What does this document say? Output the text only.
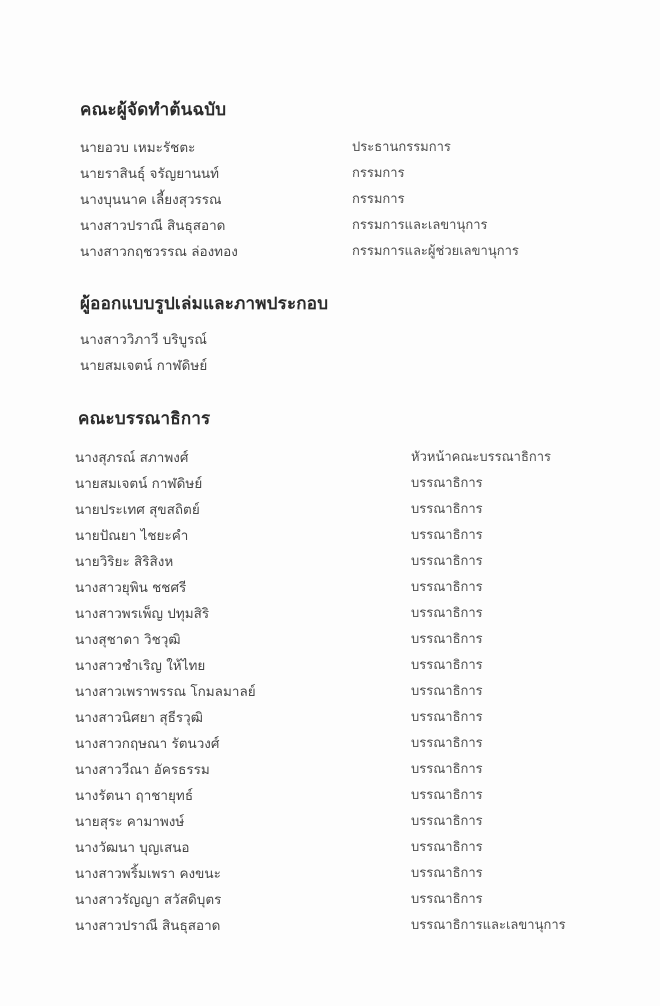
คณะผู้จัดทำต้นฉบับ
นายอวบ เหมะรัชตะ	ประธานกรรมการ
นายราสินธุ์ จรัญยานนท์	กรรมการ
นางบุนนาค เลี้ยงสุวรรณ	กรรมการ
นางสาวปราณี สินธุสอาด	กรรมการและเลขานุการ
นางสาวกฤชวรรณ ล่องทอง	กรรมการและผู้ช่วยเลขานุการ
ผู้ออกแบบรูปเล่มและภาพประกอบ
นางสาววิภาวี บริบูรณ์
นายสมเจตน์ กาฬดิษย์
คณะบรรณาธิการ
นางสุภรณ์ สภาพงศ์	หัวหน้าคณะบรรณาธิการ
นายสมเจตน์ กาฬดิษย์	บรรณาธิการ
นายประเทศ สุขสถิตย์	บรรณาธิการ
นายปัณยา ไชยะคำ	บรรณาธิการ
นายวิริยะ สิริสิงห	บรรณาธิการ
นางสาวยุพิน ชชศรี	บรรณาธิการ
นางสาวพรเพ็ญ ปทุมสิริ	บรรณาธิการ
นางสุชาดา วิชวุฒิ	บรรณาธิการ
นางสาวชำเริญ ให้ไทย	บรรณาธิการ
นางสาวเพราพรรณ โกมลมาลย์	บรรณาธิการ
นางสาวนิศยา สุธีรวุฒิ	บรรณาธิการ
นางสาวกฤษณา รัตนวงศ์	บรรณาธิการ
นางสาววีณา อัครธรรม	บรรณาธิการ
นางรัตนา ฤาชายุทธ์	บรรณาธิการ
นายสุระ คามาพงษ์	บรรณาธิการ
นางวัฒนา บุญเสนอ	บรรณาธิการ
นางสาวพริ้มเพรา คงขนะ	บรรณาธิการ
นางสาวรัญญา สวัสดิบุตร	บรรณาธิการ
นางสาวปราณี สินธุสอาด	บรรณาธิการและเลขานุการ
